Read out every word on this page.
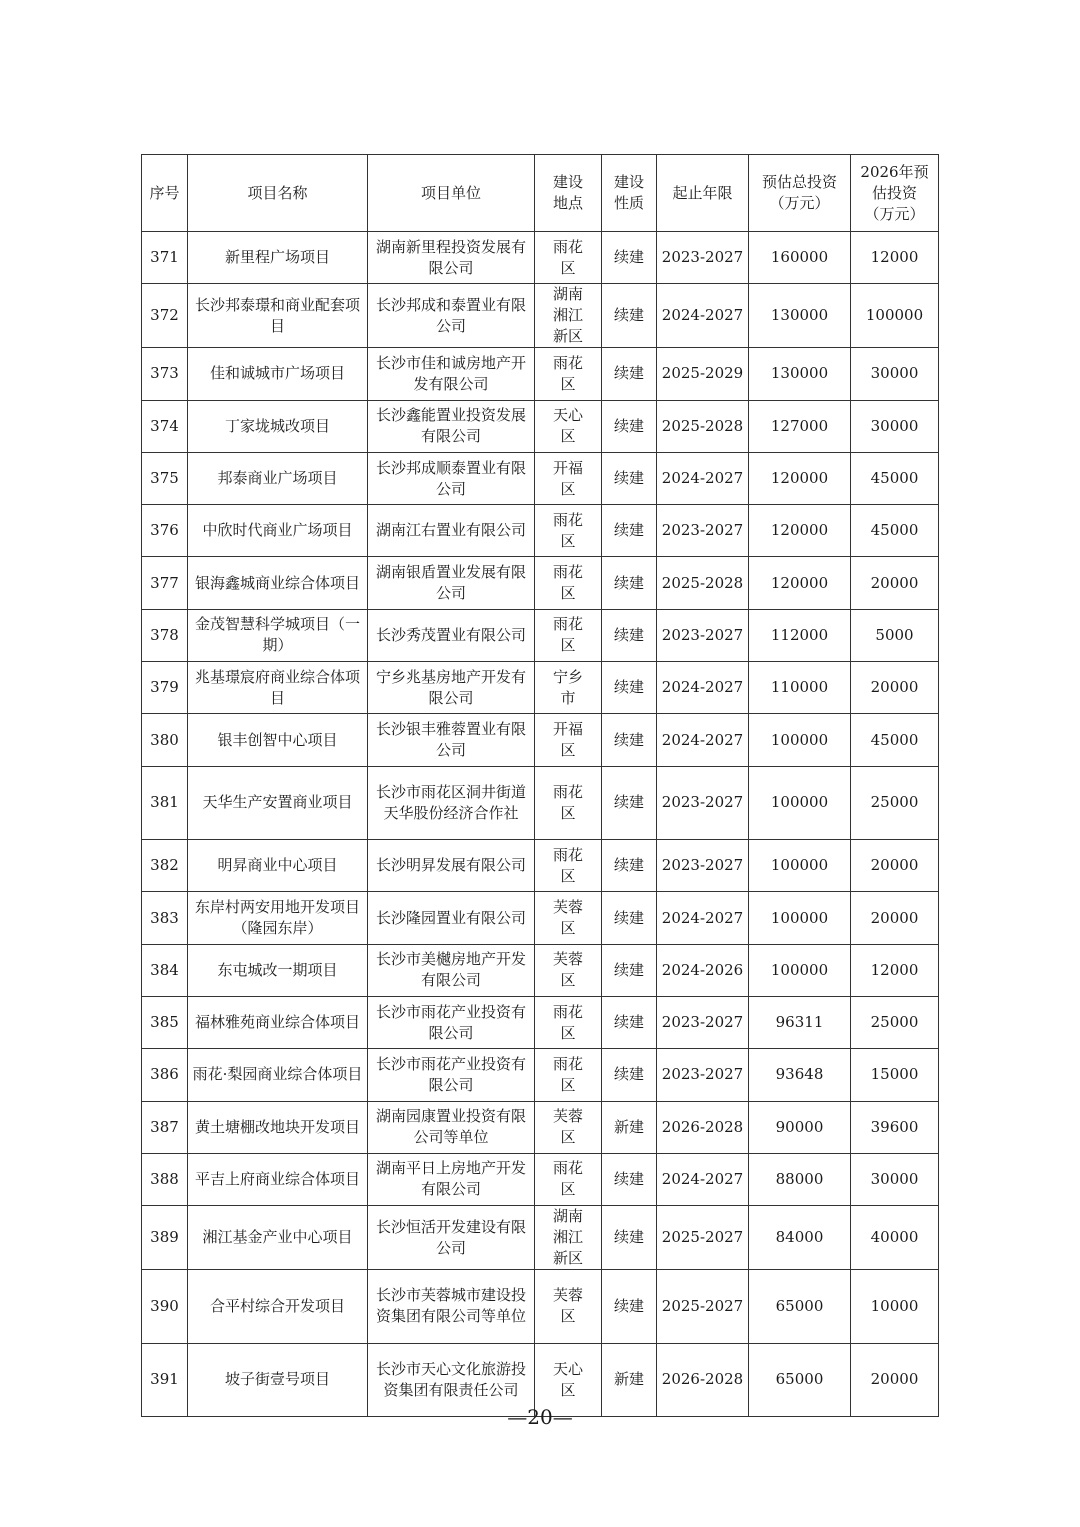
序号	项目名称	项目单位	建设地点	建设性质	起止年限	预估总投资（万元）	2026年预估投资（万元）
371	新里程广场项目	湖南新里程投资发展有限公司	雨花区	续建	2023-2027	160000	12000
372	长沙邦泰璟和商业配套项目	长沙邦成和泰置业有限公司	湖南湘江新区	续建	2024-2027	130000	100000
373	佳和诚城市广场项目	长沙市佳和诚房地产开发有限公司	雨花区	续建	2025-2029	130000	30000
374	丁家垅城改项目	长沙鑫能置业投资发展有限公司	天心区	续建	2025-2028	127000	30000
375	邦泰商业广场项目	长沙邦成顺泰置业有限公司	开福区	续建	2024-2027	120000	45000
376	中欣时代商业广场项目	湖南江右置业有限公司	雨花区	续建	2023-2027	120000	45000
377	银海鑫城商业综合体项目	湖南银盾置业发展有限公司	雨花区	续建	2025-2028	120000	20000
378	金茂智慧科学城项目（一期）	长沙秀茂置业有限公司	雨花区	续建	2023-2027	112000	5000
379	兆基璟宸府商业综合体项目	宁乡兆基房地产开发有限公司	宁乡市	续建	2024-2027	110000	20000
380	银丰创智中心项目	长沙银丰雅蓉置业有限公司	开福区	续建	2024-2027	100000	45000
381	天华生产安置商业项目	长沙市雨花区洞井街道天华股份经济合作社	雨花区	续建	2023-2027	100000	25000
382	明昇商业中心项目	长沙明昇发展有限公司	雨花区	续建	2023-2027	100000	20000
383	东岸村两安用地开发项目（隆园东岸）	长沙隆园置业有限公司	芙蓉区	续建	2024-2027	100000	20000
384	东屯城改一期项目	长沙市美樾房地产开发有限公司	芙蓉区	续建	2024-2026	100000	12000
385	福林雅苑商业综合体项目	长沙市雨花产业投资有限公司	雨花区	续建	2023-2027	96311	25000
386	雨花·梨园商业综合体项目	长沙市雨花产业投资有限公司	雨花区	续建	2023-2027	93648	15000
387	黄土塘棚改地块开发项目	湖南园康置业投资有限公司等单位	芙蓉区	新建	2026-2028	90000	39600
388	平吉上府商业综合体项目	湖南平日上房地产开发有限公司	雨花区	续建	2024-2027	88000	30000
389	湘江基金产业中心项目	长沙恒活开发建设有限公司	湖南湘江新区	续建	2025-2027	84000	40000
390	合平村综合开发项目	长沙市芙蓉城市建设投资集团有限公司等单位	芙蓉区	续建	2025-2027	65000	10000
391	坡子街壹号项目	长沙市天心文化旅游投资集团有限责任公司	天心区	新建	2026-2028	65000	20000
—20—
